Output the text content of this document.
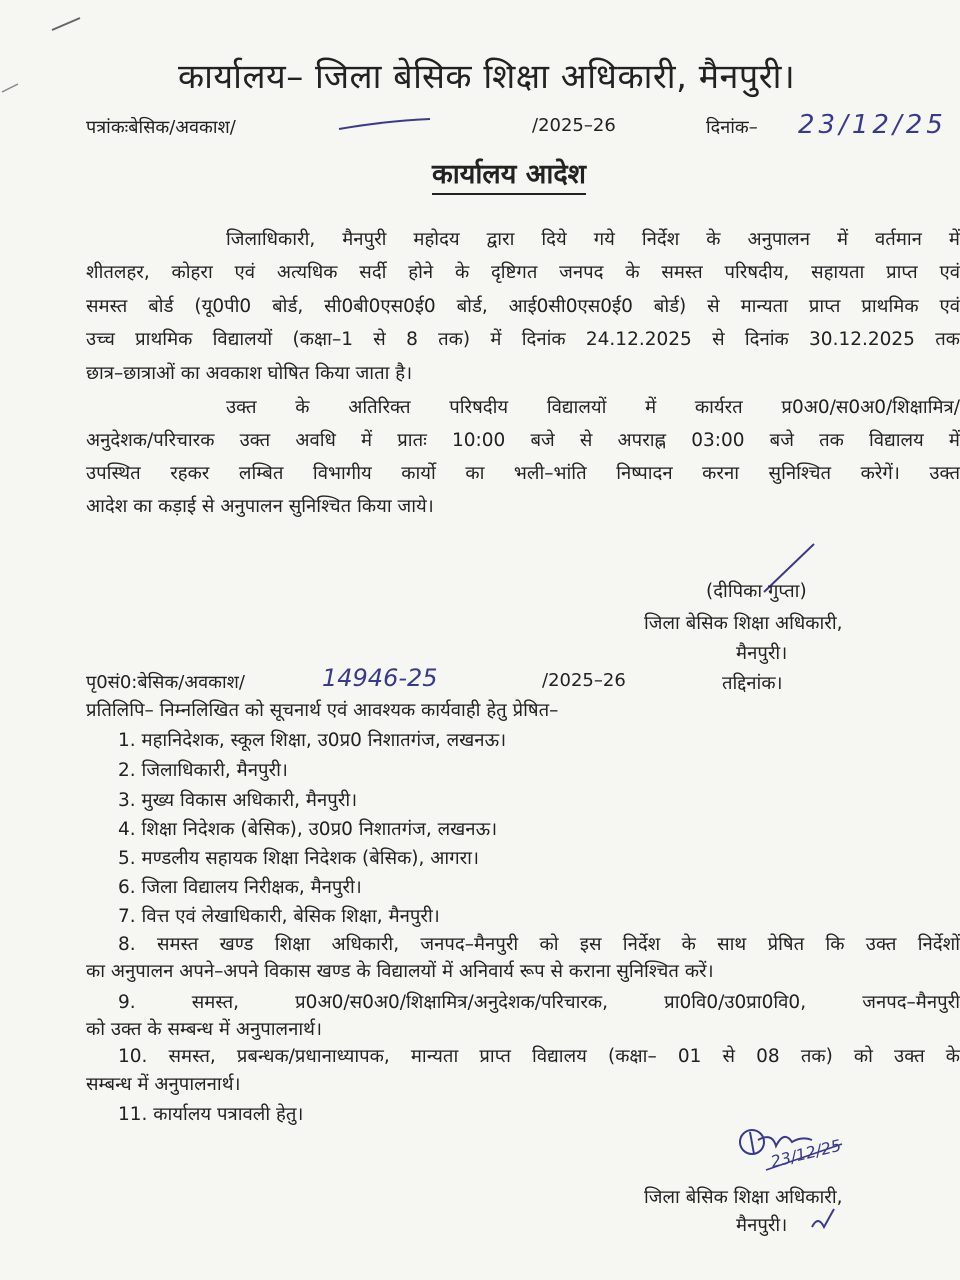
कार्यालय– जिला बेसिक शिक्षा अधिकारी, मैनपुरी।
पत्रांकःबेसिक/अवकाश/	/2025–26	दिनांक– 23/12/25
कार्यालय आदेश
जिलाधिकारी, मैनपुरी महोदय द्वारा दिये गये निर्देश के अनुपालन में वर्तमान में
शीतलहर, कोहरा एवं अत्यधिक सर्दी होने के दृष्टिगत जनपद के समस्त परिषदीय, सहायता प्राप्त एवं
समस्त बोर्ड (यू0पी0 बोर्ड, सी0बी0एस0ई0 बोर्ड, आई0सी0एस0ई0 बोर्ड) से मान्यता प्राप्त प्राथमिक एवं
उच्च प्राथमिक विद्यालयों (कक्षा–1 से 8 तक) में दिनांक 24.12.2025 से दिनांक 30.12.2025 तक
छात्र–छात्राओं का अवकाश घोषित किया जाता है।
उक्त के अतिरिक्त परिषदीय विद्यालयों में कार्यरत प्र0अ0/स0अ0/शिक्षामित्र/
अनुदेशक/परिचारक उक्त अवधि में प्रातः 10:00 बजे से अपराह्न 03:00 बजे तक विद्यालय में
उपस्थित रहकर लम्बित विभागीय कार्यो का भली–भांति निष्पादन करना सुनिश्चित करेगें। उक्त
आदेश का कड़ाई से अनुपालन सुनिश्चित किया जाये।
(दीपिका गुप्ता)
जिला बेसिक शिक्षा अधिकारी,
मैनपुरी।
पृ0सं0:बेसिक/अवकाश/	14946-25	/2025–26	तद्दिनांक।
प्रतिलिपि– निम्नलिखित को सूचनार्थ एवं आवश्यक कार्यवाही हेतु प्रेषित–
1. महानिदेशक, स्कूल शिक्षा, उ0प्र0 निशातगंज, लखनऊ।
2. जिलाधिकारी, मैनपुरी।
3. मुख्य विकास अधिकारी, मैनपुरी।
4. शिक्षा निदेशक (बेसिक), उ0प्र0 निशातगंज, लखनऊ।
5. मण्डलीय सहायक शिक्षा निदेशक (बेसिक), आगरा।
6. जिला विद्यालय निरीक्षक, मैनपुरी।
7. वित्त एवं लेखाधिकारी, बेसिक शिक्षा, मैनपुरी।
8. समस्त खण्ड शिक्षा अधिकारी, जनपद–मैनपुरी को इस निर्देश के साथ प्रेषित कि उक्त निर्देशों
का अनुपालन अपने–अपने विकास खण्ड के विद्यालयों में अनिवार्य रूप से कराना सुनिश्चित करें।
9. समस्त, प्र0अ0/स0अ0/शिक्षामित्र/अनुदेशक/परिचारक, प्रा0वि0/उ0प्रा0वि0, जनपद–मैनपुरी
को उक्त के सम्बन्ध में अनुपालनार्थ।
10. समस्त, प्रबन्धक/प्रधानाध्यापक, मान्यता प्राप्त विद्यालय (कक्षा– 01 से 08 तक) को उक्त के
सम्बन्ध में अनुपालनार्थ।
11. कार्यालय पत्रावली हेतु।
23/12/25
जिला बेसिक शिक्षा अधिकारी,
मैनपुरी।
